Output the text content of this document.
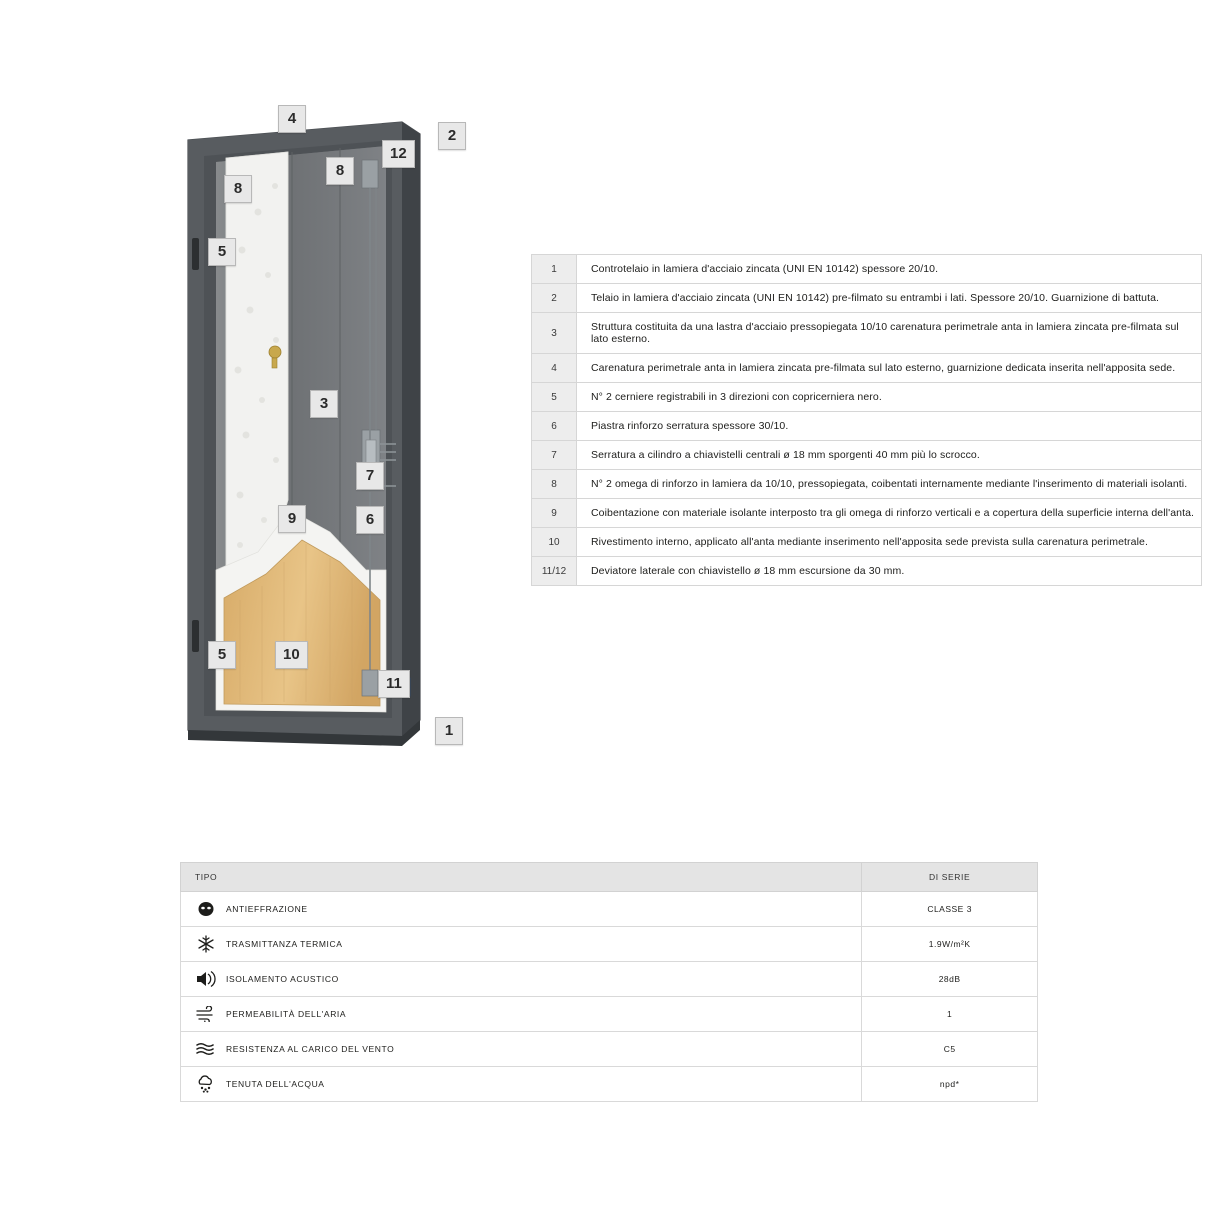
4
2
12
8
8
5
3
7
9	6
5	10
11
1
1	Controtelaio in lamiera d'acciaio zincata (UNI EN 10142) spessore 20/10.
2	Telaio in lamiera d'acciaio zincata (UNI EN 10142) pre-filmato su entrambi i lati. Spessore 20/10. Guarnizione di battuta.
3	Struttura costituita da una lastra d'acciaio pressopiegata 10/10 carenatura perimetrale anta in lamiera zincata pre-filmata sul lato esterno.
4	Carenatura perimetrale anta in lamiera zincata pre-filmata sul lato esterno, guarnizione dedicata inserita nell'apposita sede.
5	N° 2 cerniere registrabili in 3 direzioni con copricerniera nero.
6	Piastra rinforzo serratura spessore 30/10.
7	Serratura a cilindro a chiavistelli centrali ø 18 mm sporgenti 40 mm più lo scrocco.
8	N° 2 omega di rinforzo in lamiera da 10/10, pressopiegata, coibentati internamente mediante l'inserimento di materiali isolanti.
9	Coibentazione con materiale isolante interposto tra gli omega di rinforzo verticali e a copertura della superficie interna dell'anta.
10	Rivestimento interno, applicato all'anta mediante inserimento nell'apposita sede prevista sulla carenatura perimetrale.
11/12	Deviatore laterale con chiavistello ø 18 mm escursione da 30 mm.
TIPO	DI SERIE

ANTIEFFRAZIONE	CLASSE 3

TRASMITTANZA TERMICA	1.9W/m²K

ISOLAMENTO ACUSTICO	28dB

PERMEABILITÀ DELL'ARIA	1

RESISTENZA AL CARICO DEL VENTO	C5

TENUTA DELL'ACQUA	npd*
